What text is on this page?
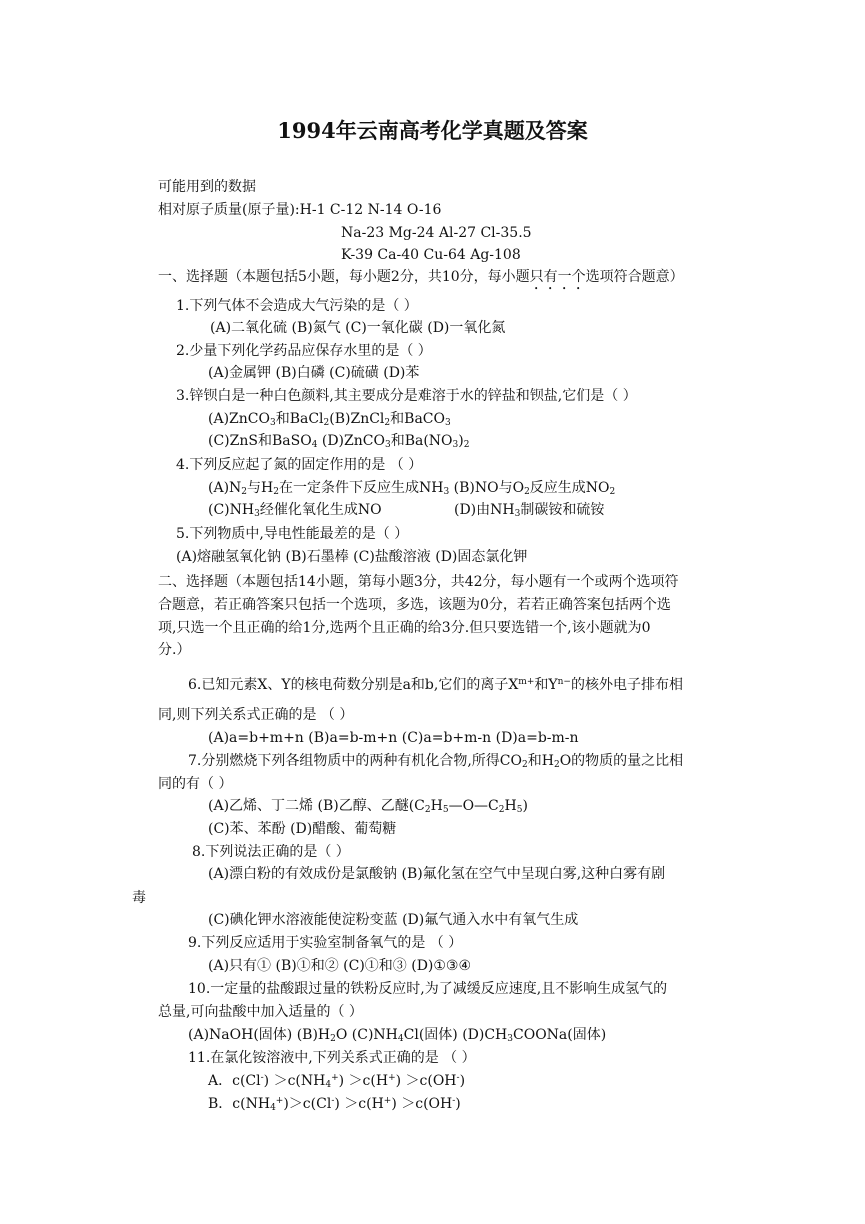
1994年云南高考化学真题及答案
可能用到的数据
相对原子质量(原子量):H-1 C-12 N-14 O-16
Na-23 Mg-24 Al-27 Cl-35.5
K-39 Ca-40 Cu-64 Ag-108
一、选择题（本题包括5小题，每小题2分，共10分，每小题只有一个选项符合题意）
1.下列气体不会造成大气污染的是（ ）
(A)二氧化硫 (B)氮气 (C)一氧化碳 (D)一氧化氮
2.少量下列化学药品应保存水里的是（ ）
(A)金属钾 (B)白磷 (C)硫磺 (D)苯
3.锌钡白是一种白色颜料,其主要成分是难溶于水的锌盐和钡盐,它们是（ ）
(A)ZnCO$_3$和BaCl$_2$(B)ZnCl$_2$和BaCO$_3$
(C)ZnS和BaSO$_4$ (D)ZnCO$_3$和$Ba(NO_3)_2$
4.下列反应起了氮的固定作用的是 （ ）
$(A)N_2$与$H_2$在一定条件下反应生成$NH_3$ (B)NO与$O_2$反应生成$NO_2$
$(C)NH_3$经催化氧化生成NO	(D)由$NH_3$制碳铵和硫铵
5.下列物质中,导电性能最差的是（ ）
(A)熔融氢氧化钠 (B)石墨棒 (C)盐酸溶液 (D)固态氯化钾
二、选择题（本题包括14小题，第每小题3分，共42分，每小题有一个或两个选项符
合题意，若正确答案只包括一个选项，多选，该题为0分，若若正确答案包括两个选
项,只选一个且正确的给1分,选两个且正确的给3分.但只要选错一个,该小题就为0
分.）
6.已知元素X、Y的核电荷数分别是a和b,它们的离子$X^{m+}$和$Y^{n-}$的核外电子排布相
同,则下列关系式正确的是 （ ）
(A)a=b+m+n (B)a=b-m+n (C)a=b+m-n (D)a=b-m-n
7.分别燃烧下列各组物质中的两种有机化合物,所得$CO_2$和$H_2O$的物质的量之比相
同的有（ ）
(A)乙烯、丁二烯 (B)乙醇、乙醚$(C_2H_5—O—C_2H_5)$
(C)苯、苯酚 (D)醋酸、葡萄糖
8.下列说法正确的是（ ）
(A)漂白粉的有效成份是氯酸钠 (B)氟化氢在空气中呈现白雾,这种白雾有剧
毒
(C)碘化钾水溶液能使淀粉变蓝 (D)氟气通入水中有氧气生成
9.下列反应适用于实验室制备氧气的是 （ ）
(A)只有① (B)①和② (C)①和③ (D)①③④
10.一定量的盐酸跟过量的铁粉反应时,为了减缓反应速度,且不影响生成氢气的
总量,可向盐酸中加入适量的（ ）
(A)NaOH(固体) $(B)H_2O$ $(C)NH_4Cl$(固体) $(D)CH_3COONa$(固体)
11.在氯化铵溶液中,下列关系式正确的是 （ ）
A．$c(Cl^-) >c(NH_4^+) >c(H^+) >c(OH^-)$
B．$c(NH_4^+)>c(Cl^-) >c(H^+) >c(OH^-)$
